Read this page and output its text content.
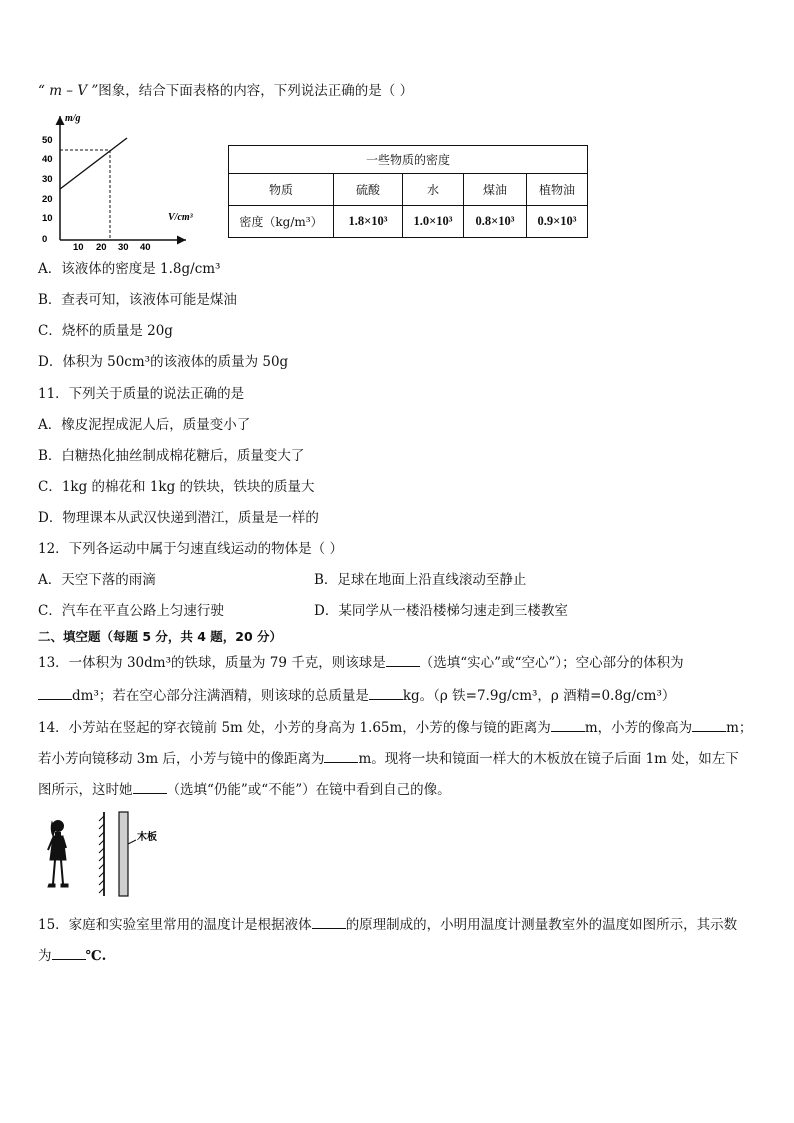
“ m – V ”图象，结合下面表格的内容，下列说法正确的是（ ）
m/g
V/cm³
50
40
30
20
10
0
10 20 30 40
一些物质的密度				
物质	硫酸	水	煤油	植物油
密度（kg/m³）	1.8×10³	1.0×10³	0.8×10³	0.9×10³
A．该液体的密度是 1.8g/cm³
B．查表可知，该液体可能是煤油
C．烧杯的质量是 20g
D．体积为 50cm³的该液体的质量为 50g
11．下列关于质量的说法正确的是
A．橡皮泥捏成泥人后，质量变小了
B．白糖热化抽丝制成棉花糖后，质量变大了
C．1kg 的棉花和 1kg 的铁块，铁块的质量大
D．物理课本从武汉快递到潜江，质量是一样的
12．下列各运动中属于匀速直线运动的物体是（ ）
A．天空下落的雨滴	B．足球在地面上沿直线滚动至静止
C．汽车在平直公路上匀速行驶	D．某同学从一楼沿楼梯匀速走到三楼教室
二、填空题（每题 5 分，共 4 题，20 分）
13．一体积为 30dm³的铁球，质量为 79 千克，则该球是	（选填“实心”或“空心”）；空心部分的体积为
dm³；若在空心部分注满酒精，则该球的总质量是	kg。（ρ 铁=7.9g/cm³，ρ 酒精=0.8g/cm³）
14．小芳站在竖起的穿衣镜前 5m 处，小芳的身高为 1.65m，小芳的像与镜的距离为	m，小芳的像高为	m；
若小芳向镜移动 3m 后，小芳与镜中的像距离为	m。现将一块和镜面一样大的木板放在镜子后面 1m 处，如左下
图所示，这时她	（选填“仍能”或“不能”）在镜中看到自己的像。
木板
15．家庭和实验室里常用的温度计是根据液体	的原理制成的，小明用温度计测量教室外的温度如图所示，其示数
为	℃.
